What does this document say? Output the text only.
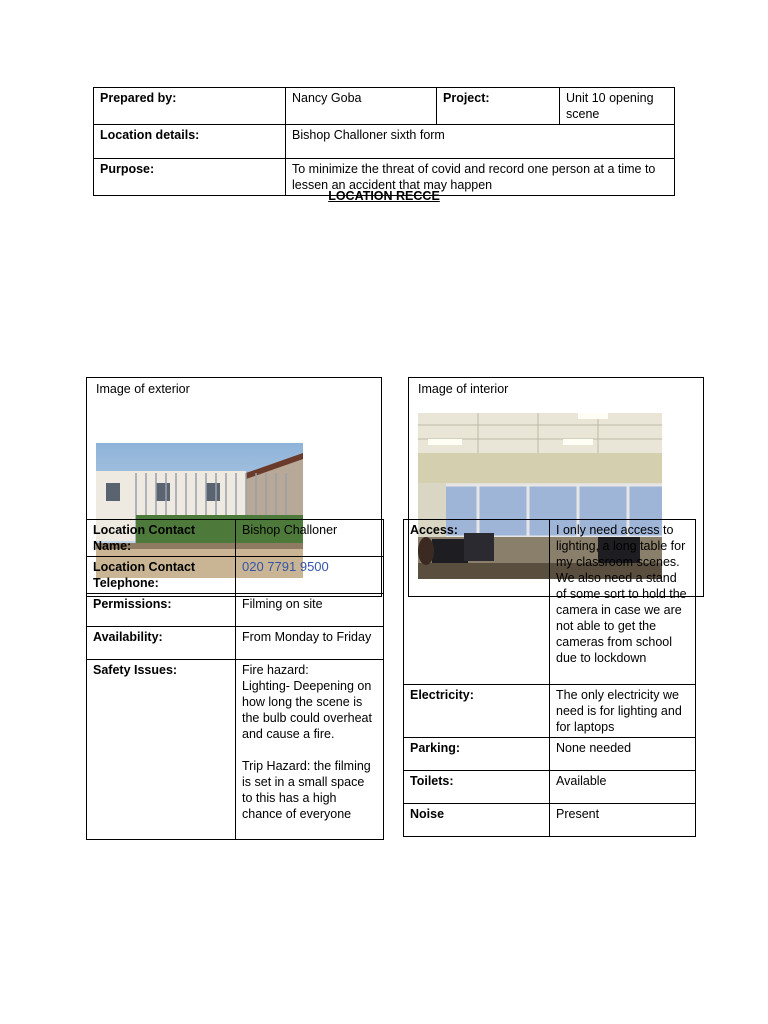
Prepared by:	Nancy Goba	Project:	Unit 10 opening scene
Location details:	Bishop Challoner sixth form		
Purpose:	To minimize the threat of covid and record one person at a time to lessen an accident that may happen		
LOCATION RECCE
Image of exterior	Image of interior
Location Contact Name:	Bishop Challoner
Location Contact Telephone:	020 7791 9500
Permissions:	Filming on site
Availability:	From Monday to Friday
Safety Issues:	Fire hazard:
Lighting- Deepening on how long the scene is the bulb could overheat and cause a fire.
Trip Hazard: the filming is set in a small space to this has a high chance of everyone
Access:	I only need access to lighting, a long table for my classroom scenes. We also need a stand of some sort to hold the camera in case we are not able to get the cameras from school due to lockdown
Electricity:	The only electricity we need is for lighting and for laptops
Parking:	None needed
Toilets:	Available
Noise	Present
